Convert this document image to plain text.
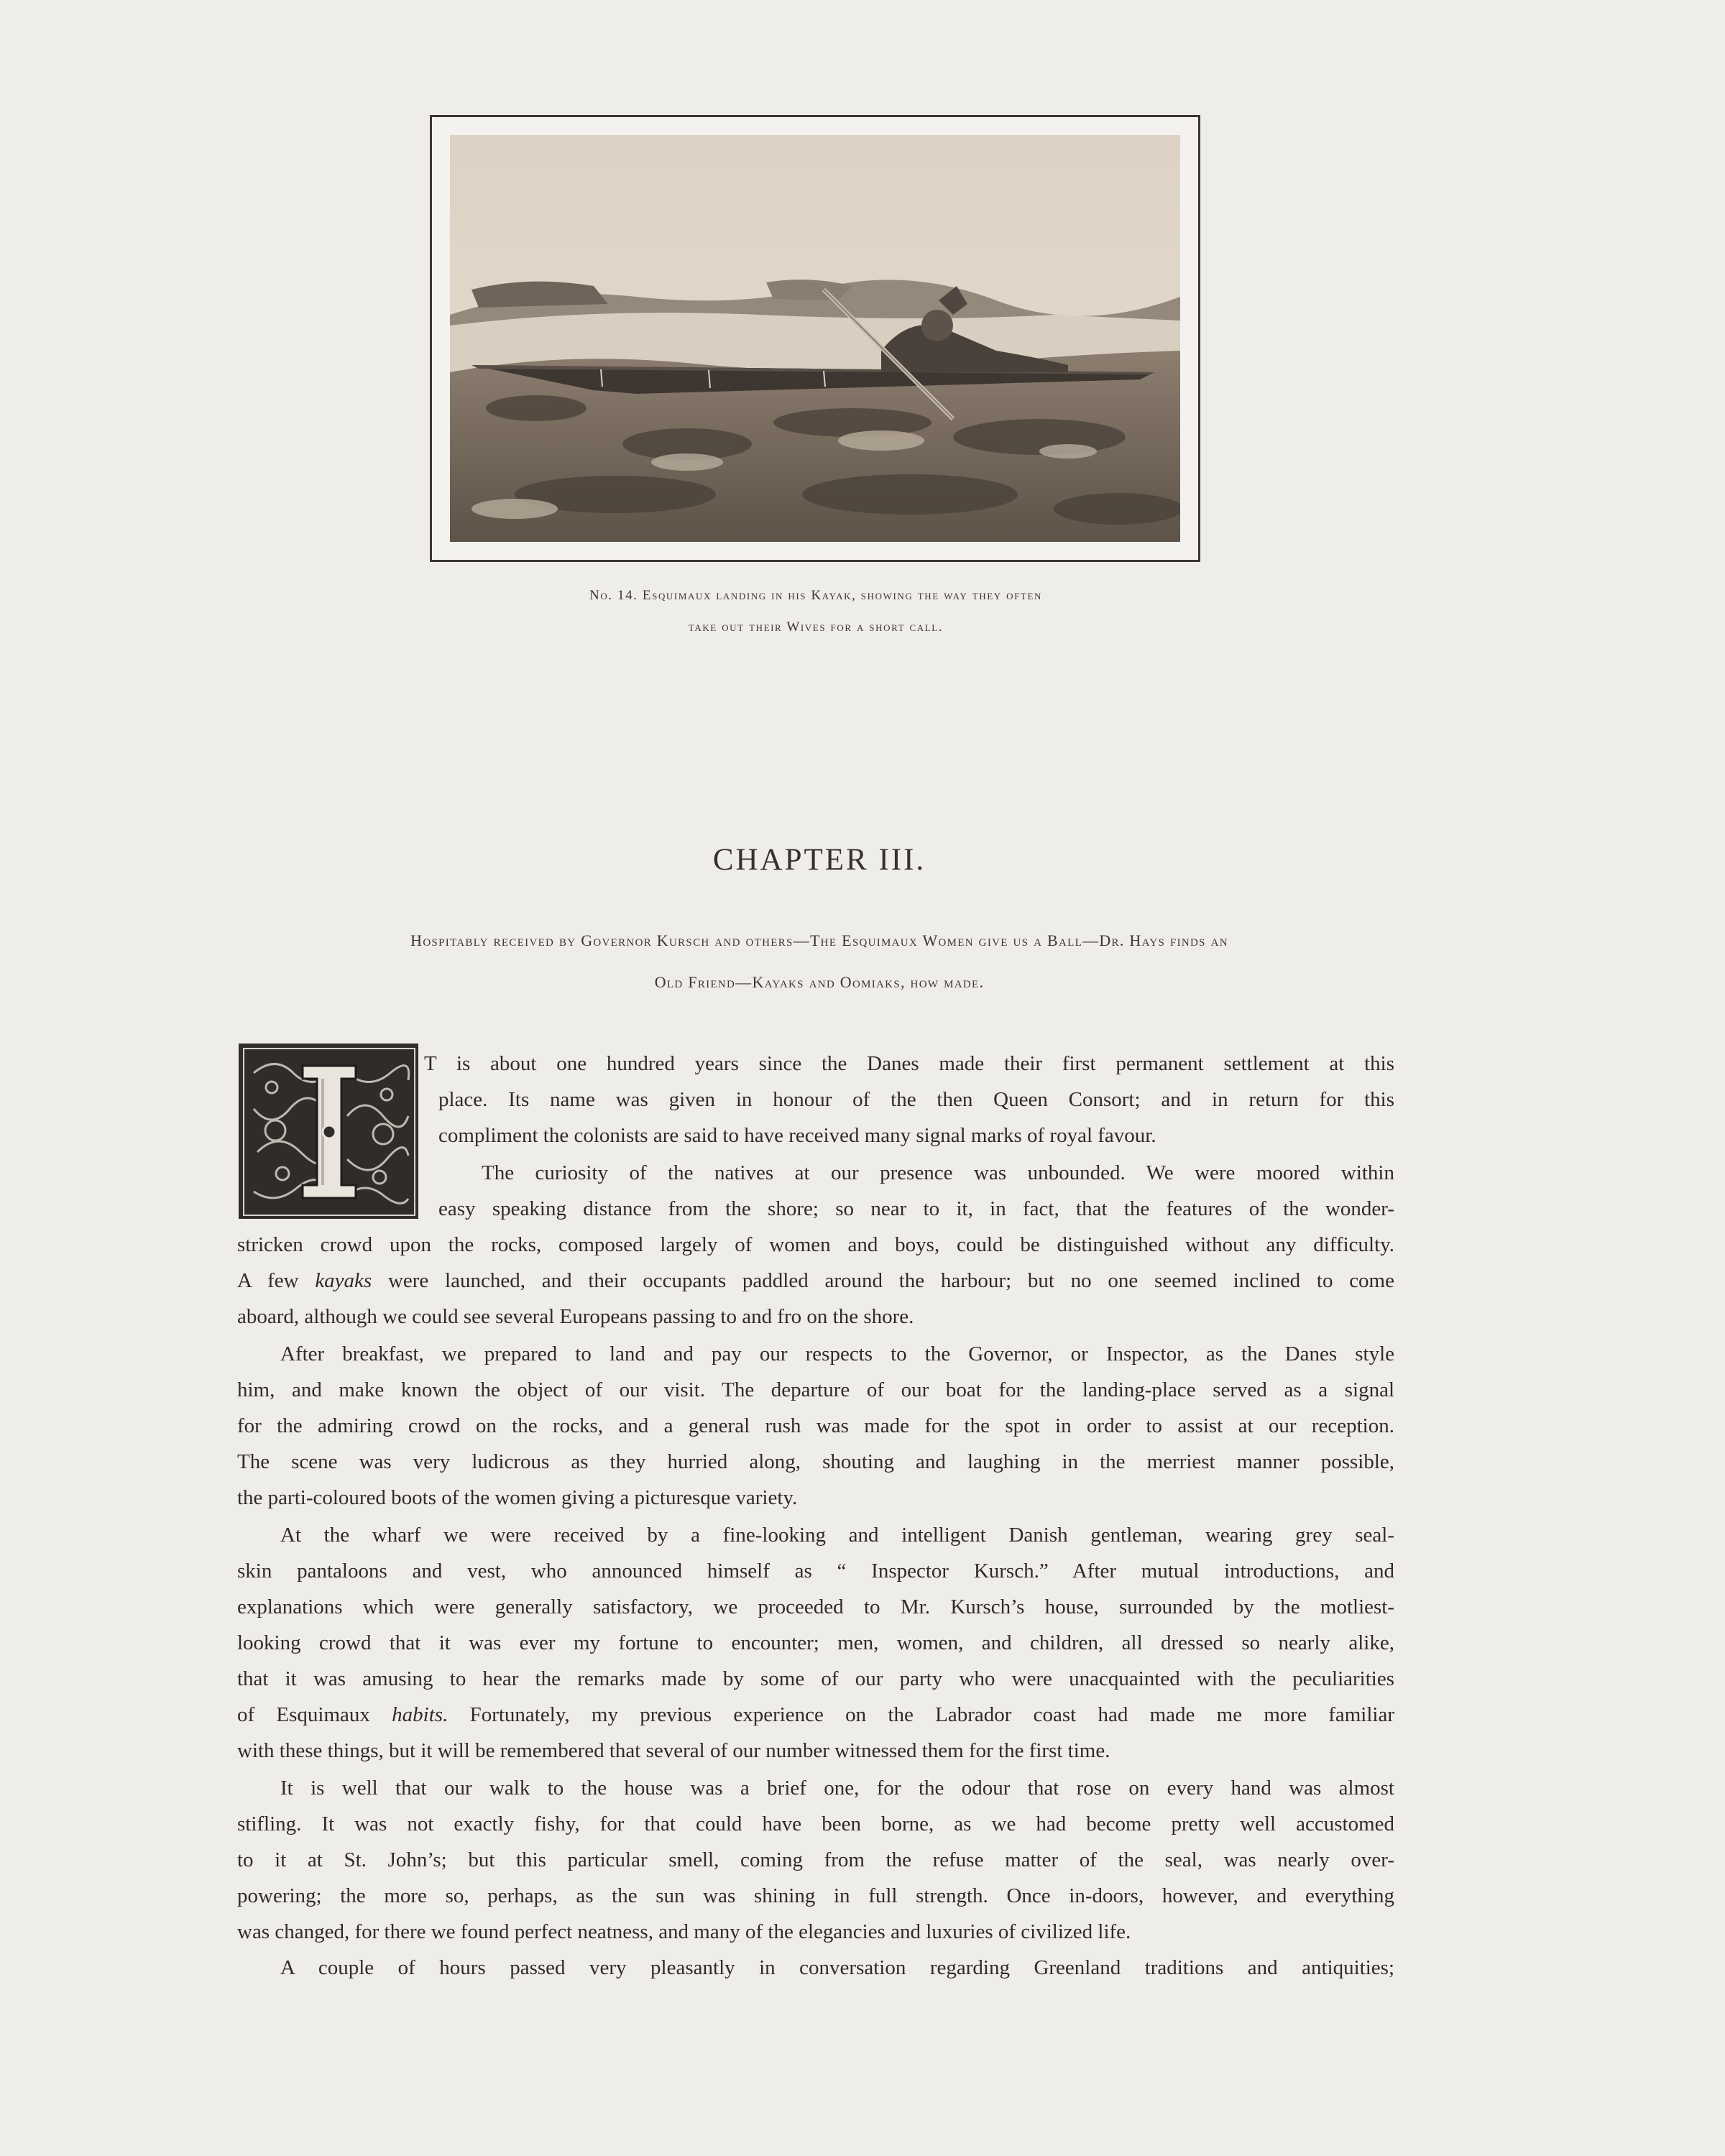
No. 14. Esquimaux landing in his Kayak, showing the way they often
take out their Wives for a short call.
CHAPTER III.
Hospitably received by Governor Kursch and others—The Esquimaux Women give us a Ball—Dr. Hays finds an
Old Friend—Kayaks and Oomiaks, how made.
T is about one hundred years since the Danes made their first permanent settlement at this
place. Its name was given in honour of the then Queen Consort; and in return for this
compliment the colonists are said to have received many signal marks of royal favour.
The curiosity of the natives at our presence was unbounded. We were moored within
easy speaking distance from the shore; so near to it, in fact, that the features of the wonder-
stricken crowd upon the rocks, composed largely of women and boys, could be distinguished without any difficulty.
A few kayaks were launched, and their occupants paddled around the harbour; but no one seemed inclined to come
aboard, although we could see several Europeans passing to and fro on the shore.
After breakfast, we prepared to land and pay our respects to the Governor, or Inspector, as the Danes style
him, and make known the object of our visit. The departure of our boat for the landing-place served as a signal
for the admiring crowd on the rocks, and a general rush was made for the spot in order to assist at our reception.
The scene was very ludicrous as they hurried along, shouting and laughing in the merriest manner possible,
the parti-coloured boots of the women giving a picturesque variety.
At the wharf we were received by a fine-looking and intelligent Danish gentleman, wearing grey seal-
skin pantaloons and vest, who announced himself as “ Inspector Kursch.” After mutual introductions, and
explanations which were generally satisfactory, we proceeded to Mr. Kursch’s house, surrounded by the motliest-
looking crowd that it was ever my fortune to encounter; men, women, and children, all dressed so nearly alike,
that it was amusing to hear the remarks made by some of our party who were unacquainted with the peculiarities
of Esquimaux habits. Fortunately, my previous experience on the Labrador coast had made me more familiar
with these things, but it will be remembered that several of our number witnessed them for the first time.
It is well that our walk to the house was a brief one, for the odour that rose on every hand was almost
stifling. It was not exactly fishy, for that could have been borne, as we had become pretty well accustomed
to it at St. John’s; but this particular smell, coming from the refuse matter of the seal, was nearly over-
powering; the more so, perhaps, as the sun was shining in full strength. Once in-doors, however, and everything
was changed, for there we found perfect neatness, and many of the elegancies and luxuries of civilized life.
A couple of hours passed very pleasantly in conversation regarding Greenland traditions and antiquities;
